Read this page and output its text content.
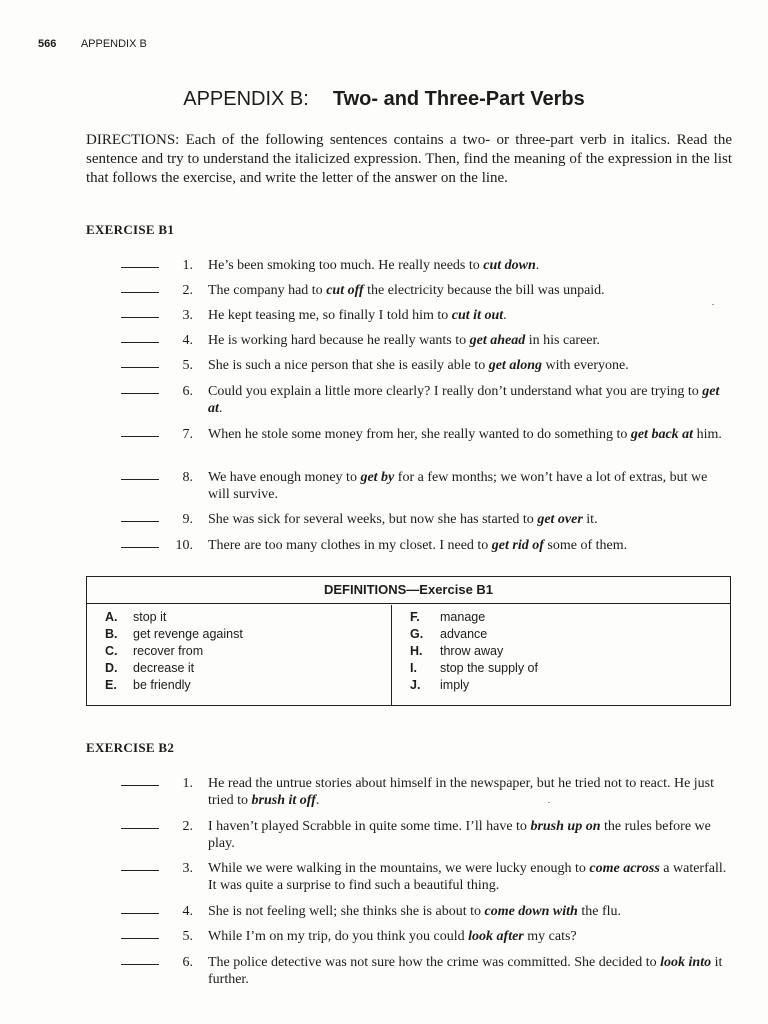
566 APPENDIX B
APPENDIX B: Two- and Three-Part Verbs
DIRECTIONS: Each of the following sentences contains a two- or three-part verb in italics. Read the sentence and try to understand the italicized expression. Then, find the meaning of the expression in the list that follows the exercise, and write the letter of the answer on the line.
EXERCISE B1
1. He’s been smoking too much. He really needs to cut down.
2. The company had to cut off the electricity because the bill was unpaid.
3. He kept teasing me, so finally I told him to cut it out.
4. He is working hard because he really wants to get ahead in his career.
5. She is such a nice person that she is easily able to get along with everyone.
6. Could you explain a little more clearly? I really don’t understand what you are trying to get at.
7. When he stole some money from her, she really wanted to do something to get back at him.
8. We have enough money to get by for a few months; we won’t have a lot of extras, but we will survive.
9. She was sick for several weeks, but now she has started to get over it.
10. There are too many clothes in my closet. I need to get rid of some of them.
DEFINITIONS—Exercise B1
A. stop it
B. get revenge against
C. recover from
D. decrease it
E. be friendly
F. manage
G. advance
H. throw away
I. stop the supply of
J. imply
EXERCISE B2
1. He read the untrue stories about himself in the newspaper, but he tried not to react. He just tried to brush it off.
2. I haven’t played Scrabble in quite some time. I’ll have to brush up on the rules before we play.
3. While we were walking in the mountains, we were lucky enough to come across a waterfall. It was quite a surprise to find such a beautiful thing.
4. She is not feeling well; she thinks she is about to come down with the flu.
5. While I’m on my trip, do you think you could look after my cats?
6. The police detective was not sure how the crime was committed. She decided to look into it further.
